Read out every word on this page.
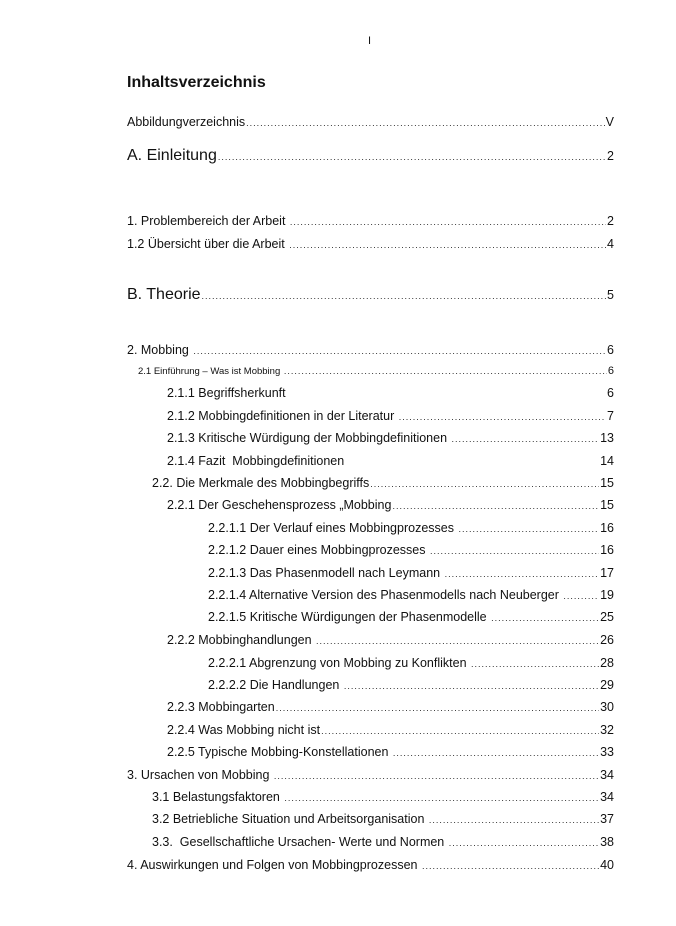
I
Inhaltsverzeichnis
Abbildungverzeichnis .....	V
A. Einleitung .....	2
1. Problembereich der Arbeit .....	2
1.2 Übersicht über die Arbeit .....	4
B. Theorie .....	5
2. Mobbing .....	6
2.1 Einführung – Was ist Mobbing .....	6
2.1.1 Begriffsherkunft	6
2.1.2 Mobbingdefinitionen in der Literatur .....	7
2.1.3 Kritische Würdigung der Mobbingdefinitionen .....	13
2.1.4 Fazit  Mobbingdefinitionen	14
2.2. Die Merkmale des Mobbingbegriffs .....	15
2.2.1 Der Geschehensprozess „Mobbing .....	15
2.2.1.1 Der Verlauf eines Mobbingprozesses .....	16
2.2.1.2 Dauer eines Mobbingprozesses .....	16
2.2.1.3 Das Phasenmodell nach Leymann .....	17
2.2.1.4 Alternative Version des Phasenmodells nach Neuberger .....	19
2.2.1.5 Kritische Würdigungen der Phasenmodelle .....	25
2.2.2 Mobbinghandlungen .....	26
2.2.2.1 Abgrenzung von Mobbing zu Konflikten .....	28
2.2.2.2 Die Handlungen .....	29
2.2.3 Mobbingarten .....	30
2.2.4 Was Mobbing nicht ist .....	32
2.2.5 Typische Mobbing-Konstellationen .....	33
3. Ursachen von Mobbing .....	34
3.1 Belastungsfaktoren .....	34
3.2 Betriebliche Situation und Arbeitsorganisation .....	37
3.3.  Gesellschaftliche Ursachen- Werte und Normen .....	38
4. Auswirkungen und Folgen von Mobbingprozessen .....	40
